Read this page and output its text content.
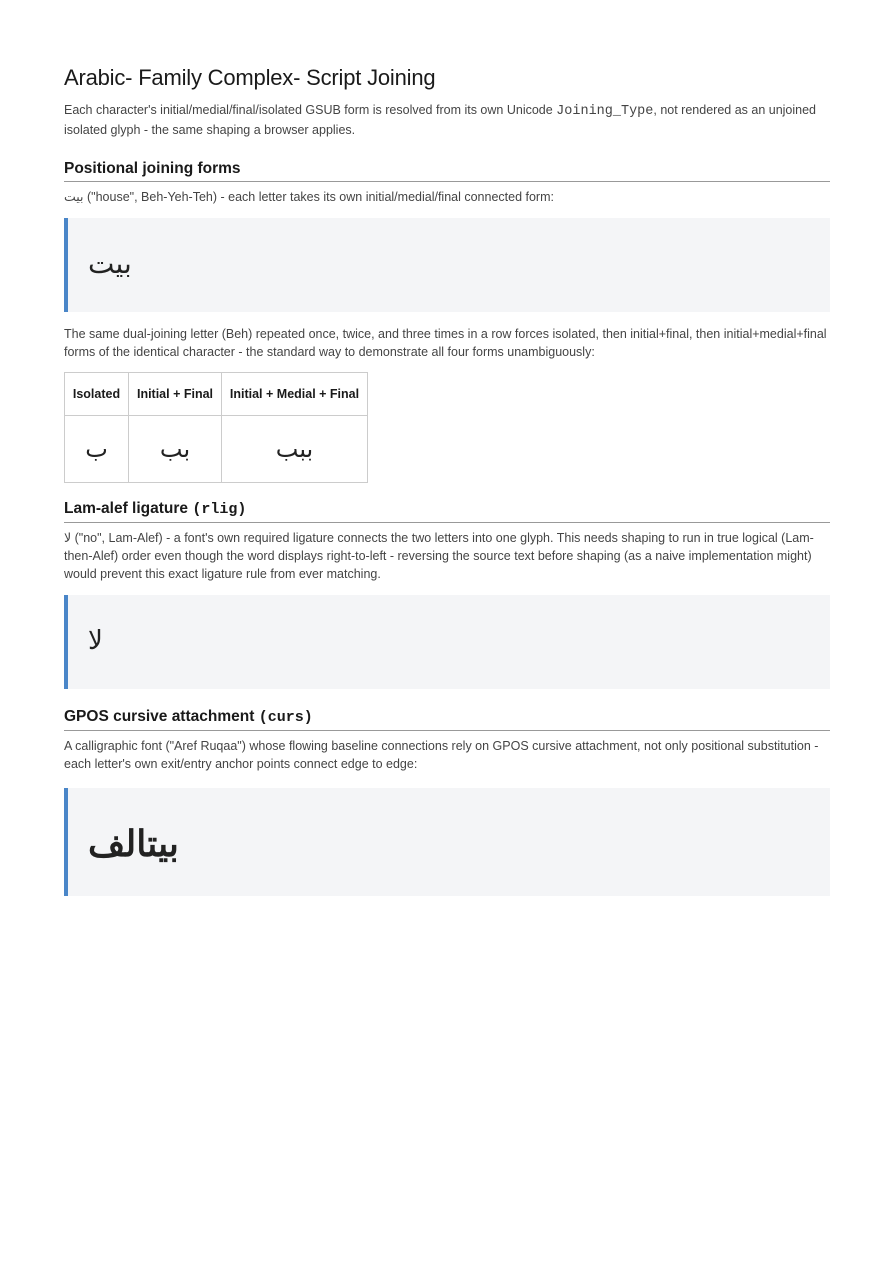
Arabic- Family Complex- Script Joining

Each character's initial/medial/final/isolated GSUB form is resolved from its own Unicode Joining_Type, not rendered as an unjoined isolated glyph - the same shaping a browser applies.

Positional joining forms

بيت ("house", Beh-Yeh-Teh) - each letter takes its own initial/medial/final connected form:

بيت

The same dual-joining letter (Beh) repeated once, twice, and three times in a row forces isolated, then initial+final, then initial+medial+final forms of the identical character - the standard way to demonstrate all four forms unambiguously:

Isolated	Initial + Final	Initial + Medial + Final
ب	بب	ببب
Lam-alef ligature (rlig)

لا ("no", Lam-Alef) - a font's own required ligature connects the two letters into one glyph. This needs shaping to run in true logical (Lam-then-Alef) order even though the word displays right-to-left - reversing the source text before shaping (as a naive implementation might) would prevent this exact ligature rule from ever matching.

لا
GPOS cursive attachment (curs)

A calligraphic font ("Aref Ruqaa") whose flowing baseline connections rely on GPOS cursive attachment, not only positional substitution - each letter's own exit/entry anchor points connect edge to edge:

بيتالف
